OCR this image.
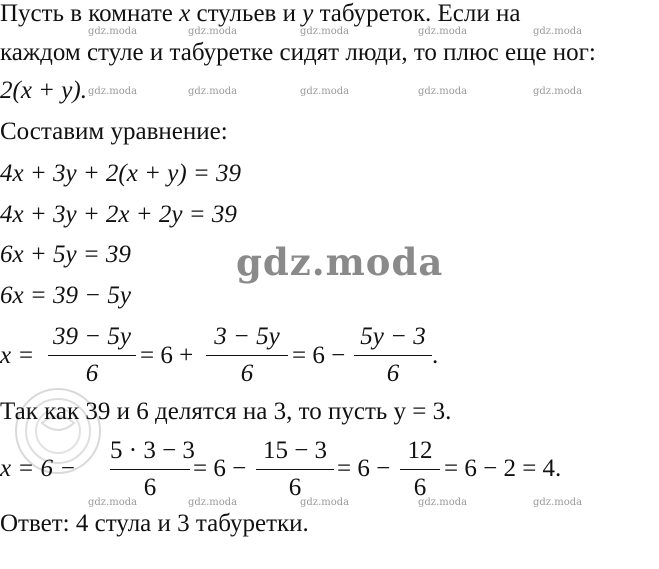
gdz.moda	gdz.moda	gdz.moda	gdz.moda	gdz.moda
gdz.moda	gdz.moda	gdz.moda	gdz.moda	gdz.moda
gdz.moda	gdz.moda	gdz.moda	gdz.moda	gdz.moda
gdz.moda
Пусть в комнате x стульев и y табуреток. Если на
каждом стуле и табуретке сидят люди, то плюс еще ног:
2(x + y).
Составим уравнение:
4x + 3y + 2(x + y) = 39
4x + 3y + 2x + 2y = 39
6x + 5y = 39
6x = 39 − 5y
x =
39 − 5y
6
= 6 +
3 − 5y
6
= 6 −
5y − 3
6
.
Так как 39 и 6 делятся на 3, то пусть y = 3.
x = 6 −
5 · 3 − 3
6
= 6 −
15 − 3
6
= 6 −
12
6
= 6 − 2 = 4.
Ответ: 4 стула и 3 табуретки.
